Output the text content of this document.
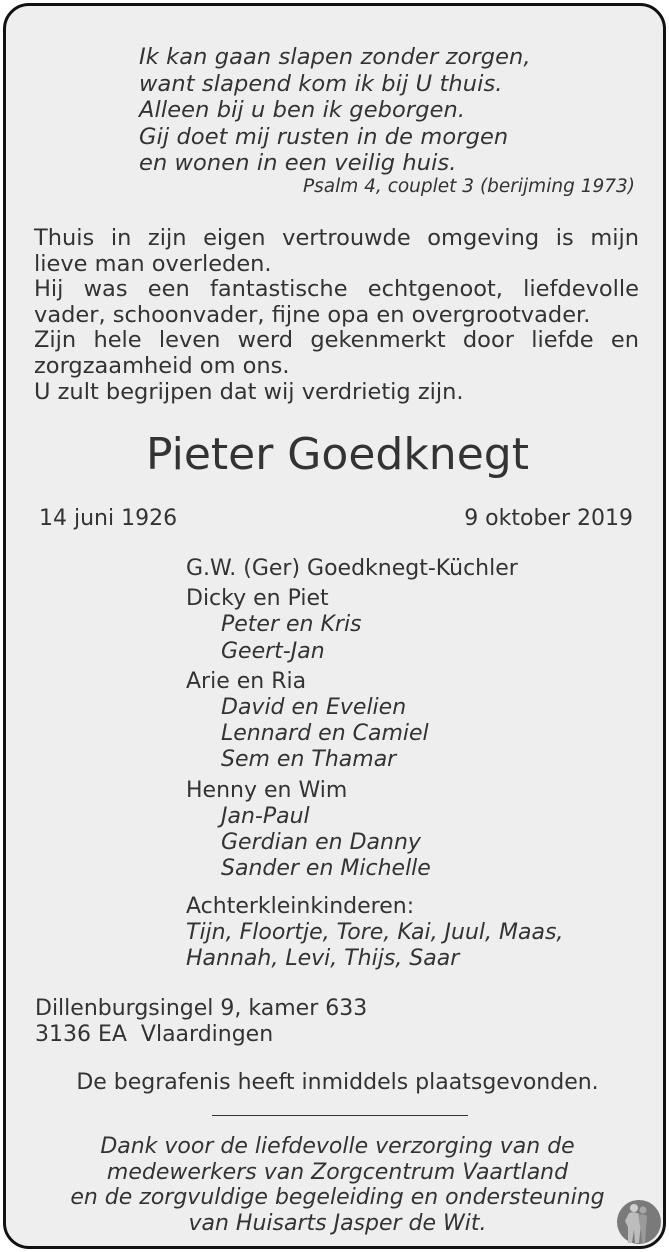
Ik kan gaan slapen zonder zorgen,
want slapend kom ik bij U thuis.
Alleen bij u ben ik geborgen.
Gij doet mij rusten in de morgen
en wonen in een veilig huis.
Psalm 4, couplet 3 (berijming 1973)
Thuis in zijn eigen vertrouwde omgeving is mijn
lieve man overleden.
Hij was een fantastische echtgenoot, liefdevolle
vader, schoonvader, fijne opa en overgrootvader.
Zijn hele leven werd gekenmerkt door liefde en
zorgzaamheid om ons.
U zult begrijpen dat wij verdrietig zijn.
Pieter Goedknegt
14 juni 1926	9 oktober 2019
G.W. (Ger) Goedknegt-Küchler
Dicky en Piet
Peter en Kris
Geert-Jan
Arie en Ria
David en Evelien
Lennard en Camiel
Sem en Thamar
Henny en Wim
Jan-Paul
Gerdian en Danny
Sander en Michelle
Achterkleinkinderen:
Tijn, Floortje, Tore, Kai, Juul, Maas,
Hannah, Levi, Thijs, Saar
Dillenburgsingel 9, kamer 633
3136 EA  Vlaardingen
De begrafenis heeft inmiddels plaatsgevonden.
Dank voor de liefdevolle verzorging van de
medewerkers van Zorgcentrum Vaartland
en de zorgvuldige begeleiding en ondersteuning
van Huisarts Jasper de Wit.
